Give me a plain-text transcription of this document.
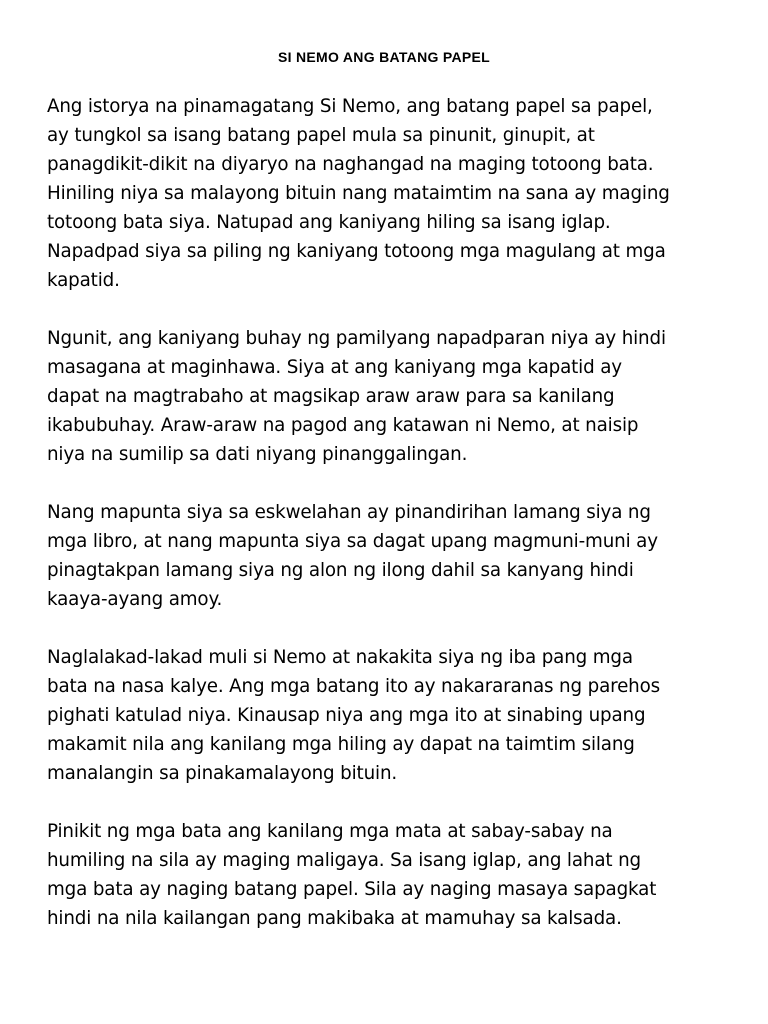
SI NEMO ANG BATANG PAPEL

Ang istorya na pinamagatang Si Nemo, ang batang papel sa papel,
ay tungkol sa isang batang papel mula sa pinunit, ginupit, at
panagdikit-dikit na diyaryo na naghangad na maging totoong bata.
Hiniling niya sa malayong bituin nang mataimtim na sana ay maging
totoong bata siya. Natupad ang kaniyang hiling sa isang iglap.
Napadpad siya sa piling ng kaniyang totoong mga magulang at mga
kapatid.

Ngunit, ang kaniyang buhay ng pamilyang napadparan niya ay hindi
masagana at maginhawa. Siya at ang kaniyang mga kapatid ay
dapat na magtrabaho at magsikap araw araw para sa kanilang
ikabubuhay. Araw-araw na pagod ang katawan ni Nemo, at naisip
niya na sumilip sa dati niyang pinanggalingan.

Nang mapunta siya sa eskwelahan ay pinandirihan lamang siya ng
mga libro, at nang mapunta siya sa dagat upang magmuni-muni ay
pinagtakpan lamang siya ng alon ng ilong dahil sa kanyang hindi
kaaya-ayang amoy.

Naglalakad-lakad muli si Nemo at nakakita siya ng iba pang mga
bata na nasa kalye. Ang mga batang ito ay nakararanas ng parehos
pighati katulad niya. Kinausap niya ang mga ito at sinabing upang
makamit nila ang kanilang mga hiling ay dapat na taimtim silang
manalangin sa pinakamalayong bituin.

Pinikit ng mga bata ang kanilang mga mata at sabay-sabay na
humiling na sila ay maging maligaya. Sa isang iglap, ang lahat ng
mga bata ay naging batang papel. Sila ay naging masaya sapagkat
hindi na nila kailangan pang makibaka at mamuhay sa kalsada.
